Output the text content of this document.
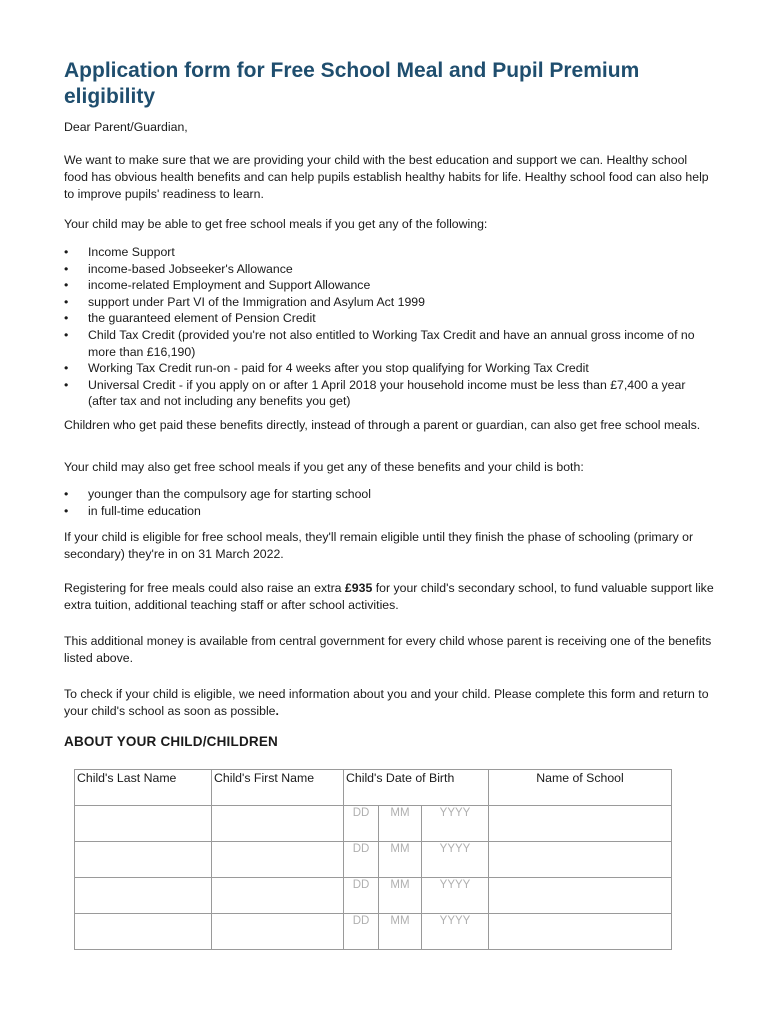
Application form for Free School Meal and Pupil Premium eligibility

Dear Parent/Guardian,

We want to make sure that we are providing your child with the best education and support we can. Healthy school food has obvious health benefits and can help pupils establish healthy habits for life. Healthy school food can also help to improve pupils' readiness to learn.

Your child may be able to get free school meals if you get any of the following:

• Income Support
• income-based Jobseeker's Allowance
• income-related Employment and Support Allowance
• support under Part VI of the Immigration and Asylum Act 1999
• the guaranteed element of Pension Credit
• Child Tax Credit (provided you're not also entitled to Working Tax Credit and have an annual gross income of no more than £16,190)
• Working Tax Credit run-on - paid for 4 weeks after you stop qualifying for Working Tax Credit
• Universal Credit - if you apply on or after 1 April 2018 your household income must be less than £7,400 a year (after tax and not including any benefits you get)

Children who get paid these benefits directly, instead of through a parent or guardian, can also get free school meals.

Your child may also get free school meals if you get any of these benefits and your child is both:

• younger than the compulsory age for starting school
• in full-time education

If your child is eligible for free school meals, they'll remain eligible until they finish the phase of schooling (primary or secondary) they're in on 31 March 2022.

Registering for free meals could also raise an extra £935 for your child's secondary school, to fund valuable support like extra tuition, additional teaching staff or after school activities.

This additional money is available from central government for every child whose parent is receiving one of the benefits listed above.

To check if your child is eligible, we need information about you and your child. Please complete this form and return to your child's school as soon as possible.

ABOUT YOUR CHILD/CHILDREN
Child's Last Name	Child's First Name	Child's Date of Birth	Name of School

		DD MM YYYY	

		DD MM YYYY	

		DD MM YYYY	

		DD MM YYYY	
